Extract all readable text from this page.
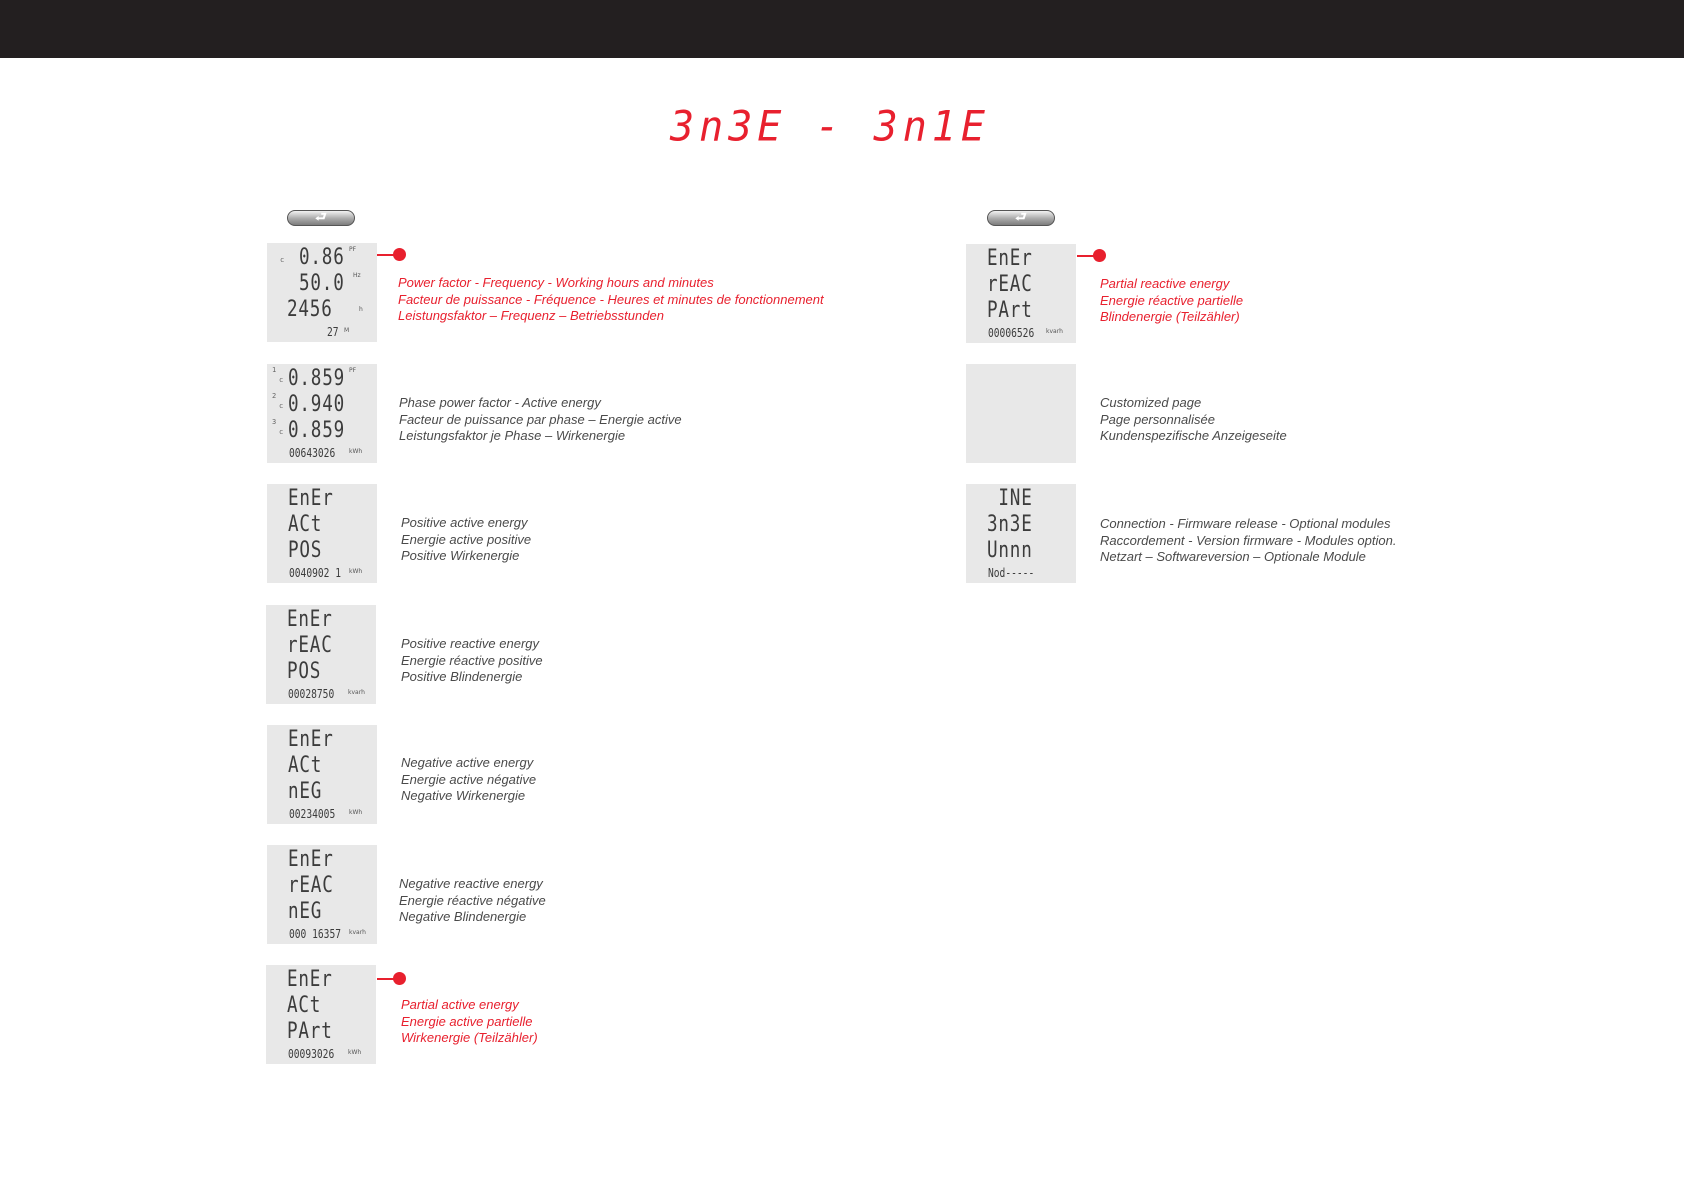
3n3E - 3n1E
⮐
c 0.86
50.0
2456
PF
Hz
h
27 M
Power factor - Frequency - Working hours and minutes
Facteur de puissance - Fréquence - Heures et minutes de fonctionnement
Leistungsfaktor – Frequenz – Betriebsstunden
1
2
3
c
c
c
0.859
0.940
0.859
PF
00643026 kWh
Phase power factor - Active energy
Facteur de puissance par phase – Energie active
Leistungsfaktor je Phase – Wirkenergie
EnEr
ACt
POS
0040902 1 kWh
Positive active energy
Energie active positive
Positive Wirkenergie
EnEr
rEAC
POS
00028750 kvarh
Positive reactive energy
Energie réactive positive
Positive Blindenergie
EnEr
ACt
nEG
00234005 kWh
Negative active energy
Energie active négative
Negative Wirkenergie
EnEr
rEAC
nEG
000 16357 kvarh
Negative reactive energy
Energie réactive négative
Negative Blindenergie
EnEr
ACt
PArt
00093026 kWh
Partial active energy
Energie active partielle
Wirkenergie (Teilzähler)
⮐
EnEr
rEAC
PArt
00006526 kvarh
Partial reactive energy
Energie réactive partielle
Blindenergie (Teilzähler)
Customized page
Page personnalisée
Kundenspezifische Anzeigeseite
INE
3n3E
Unnn
Nod-----
Connection - Firmware release - Optional modules
Raccordement - Version firmware - Modules option.
Netzart – Softwareversion – Optionale Module
